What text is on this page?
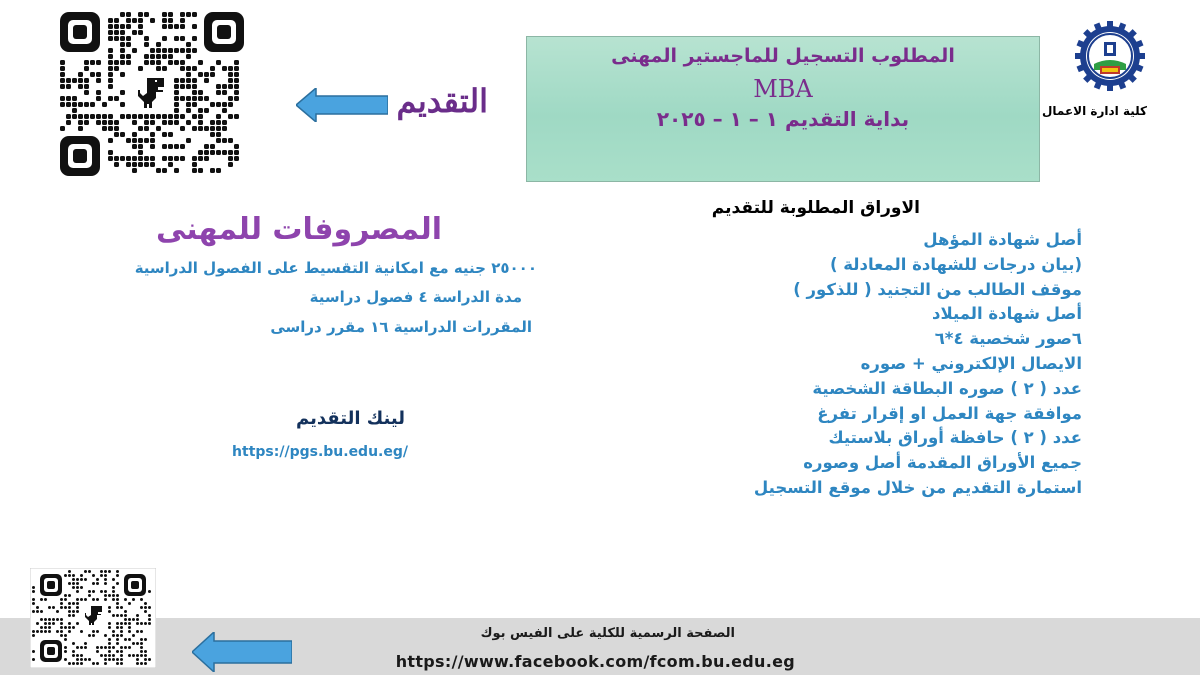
التقديم
المطلوب التسجيل للماجستير المهنى
MBA
بداية التقديم ١ – ١ – ٢٠٢٥	كلية ادارة الاعمال
الاوراق المطلوبة للتقديم
أصل شهادة المؤهل
(بيان درجات للشهادة المعادلة )
موقف الطالب من التجنيد ( للذكور )
أصل شهادة الميلاد
٦صور شخصية ٤*٦
الايصال الإلكتروني + صوره
عدد ( ٢ ) صوره البطاقة الشخصية
موافقة جهة العمل او إقرار تفرغ
عدد ( ٢ ) حافظة أوراق بلاستيك
جميع الأوراق المقدمة أصل وصوره
استمارة التقديم من خلال موقع التسجيل
المصروفات للمهنى
٢٥٠٠٠ جنيه مع امكانية التقسيط على الفصول الدراسية
مدة الدراسة ٤ فصول دراسية
المقررات الدراسية ١٦ مقرر دراسى
لينك التقديم
https://pgs.bu.edu.eg/
الصفحة الرسمية للكلية على الفيس بوك
https://www.facebook.com/fcom.bu.edu.eg
